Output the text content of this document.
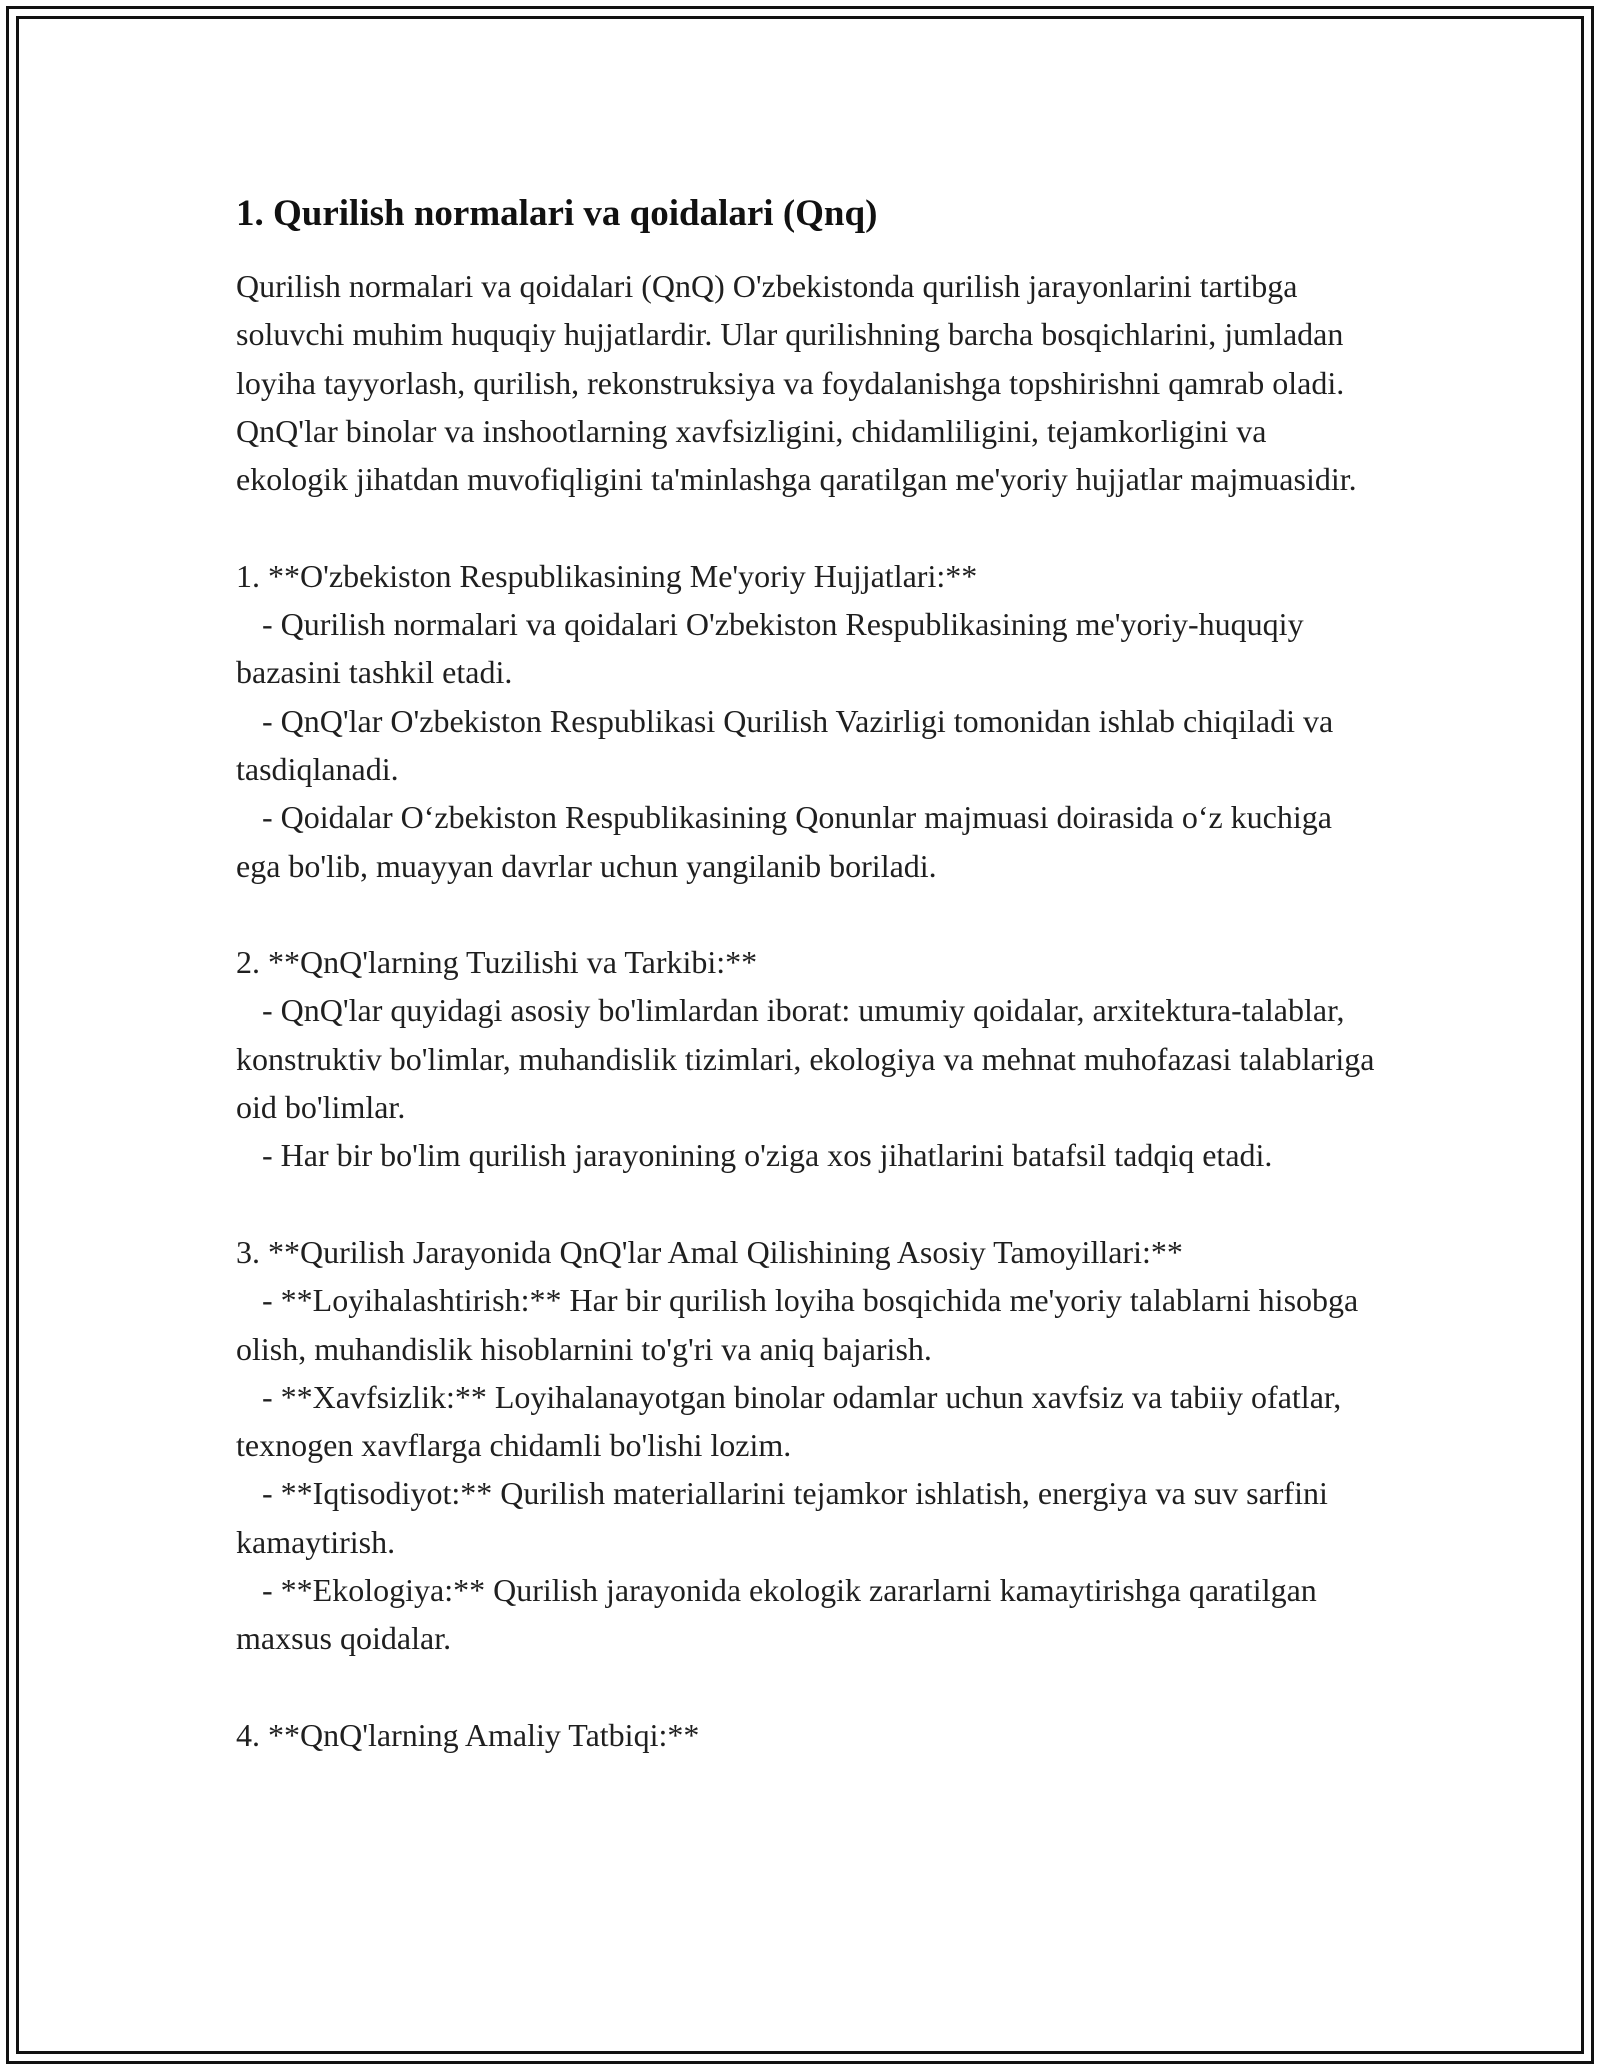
1. Qurilish normalari va qoidalari (Qnq)

Qurilish normalari va qoidalari (QnQ) O'zbekistonda qurilish jarayonlarini tartibga soluvchi muhim huquqiy hujjatlardir. Ular qurilishning barcha bosqichlarini, jumladan loyiha tayyorlash, qurilish, rekonstruksiya va foydalanishga topshirishni qamrab oladi. QnQ'lar binolar va inshootlarning xavfsizligini, chidamliligini, tejamkorligini va ekologik jihatdan muvofiqligini ta'minlashga qaratilgan me'yoriy hujjatlar majmuasidir.

1. **O'zbekiston Respublikasining Me'yoriy Hujjatlari:**

- Qurilish normalari va qoidalari O'zbekiston Respublikasining me'yoriy-huquqiy bazasini tashkil etadi.

- QnQ'lar O'zbekiston Respublikasi Qurilish Vazirligi tomonidan ishlab chiqiladi va tasdiqlanadi.

- Qoidalar O‘zbekiston Respublikasining Qonunlar majmuasi doirasida o‘z kuchiga ega bo'lib, muayyan davrlar uchun yangilanib boriladi.

2. **QnQ'larning Tuzilishi va Tarkibi:**

- QnQ'lar quyidagi asosiy bo'limlardan iborat: umumiy qoidalar, arxitektura-talablar, konstruktiv bo'limlar, muhandislik tizimlari, ekologiya va mehnat muhofazasi talablariga oid bo'limlar.

- Har bir bo'lim qurilish jarayonining o'ziga xos jihatlarini batafsil tadqiq etadi.

3. **Qurilish Jarayonida QnQ'lar Amal Qilishining Asosiy Tamoyillari:**

- **Loyihalashtirish:** Har bir qurilish loyiha bosqichida me'yoriy talablarni hisobga olish, muhandislik hisoblarnini to'g'ri va aniq bajarish.

- **Xavfsizlik:** Loyihalanayotgan binolar odamlar uchun xavfsiz va tabiiy ofatlar, texnogen xavflarga chidamli bo'lishi lozim.

- **Iqtisodiyot:** Qurilish materiallarini tejamkor ishlatish, energiya va suv sarfini kamaytirish.

- **Ekologiya:** Qurilish jarayonida ekologik zararlarni kamaytirishga qaratilgan maxsus qoidalar.

4. **QnQ'larning Amaliy Tatbiqi:**
